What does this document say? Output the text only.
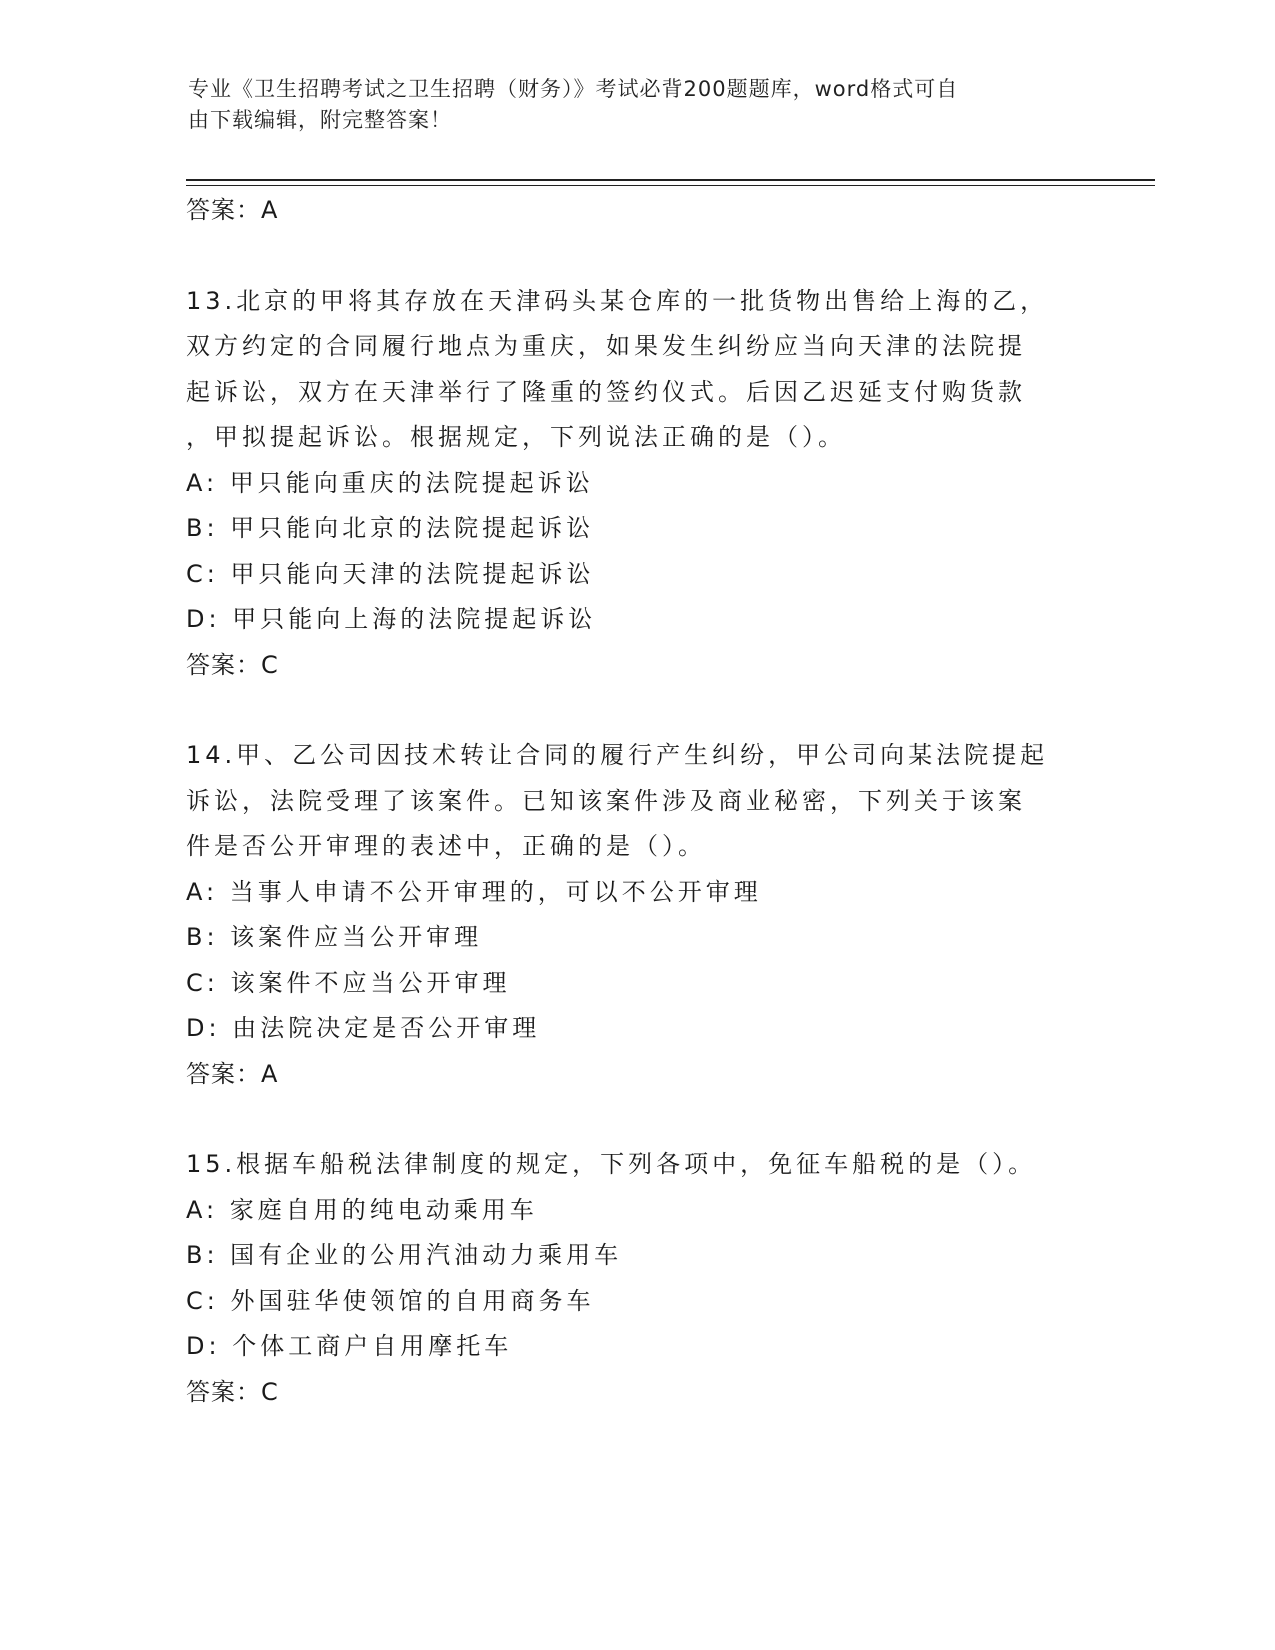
专业《卫生招聘考试之卫生招聘（财务）》考试必背200题题库，word格式可自
由下载编辑，附完整答案！
答案：A
13.北京的甲将其存放在天津码头某仓库的一批货物出售给上海的乙，
双方约定的合同履行地点为重庆，如果发生纠纷应当向天津的法院提
起诉讼，双方在天津举行了隆重的签约仪式。后因乙迟延支付购货款
，甲拟提起诉讼。根据规定，下列说法正确的是（）。
A: 甲只能向重庆的法院提起诉讼
B: 甲只能向北京的法院提起诉讼
C: 甲只能向天津的法院提起诉讼
D: 甲只能向上海的法院提起诉讼
答案：C
14.甲、乙公司因技术转让合同的履行产生纠纷，甲公司向某法院提起
诉讼，法院受理了该案件。已知该案件涉及商业秘密，下列关于该案
件是否公开审理的表述中，正确的是（）。
A: 当事人申请不公开审理的，可以不公开审理
B: 该案件应当公开审理
C: 该案件不应当公开审理
D: 由法院决定是否公开审理
答案：A
15.根据车船税法律制度的规定，下列各项中，免征车船税的是（）。
A: 家庭自用的纯电动乘用车
B: 国有企业的公用汽油动力乘用车
C: 外国驻华使领馆的自用商务车
D: 个体工商户自用摩托车
答案：C
